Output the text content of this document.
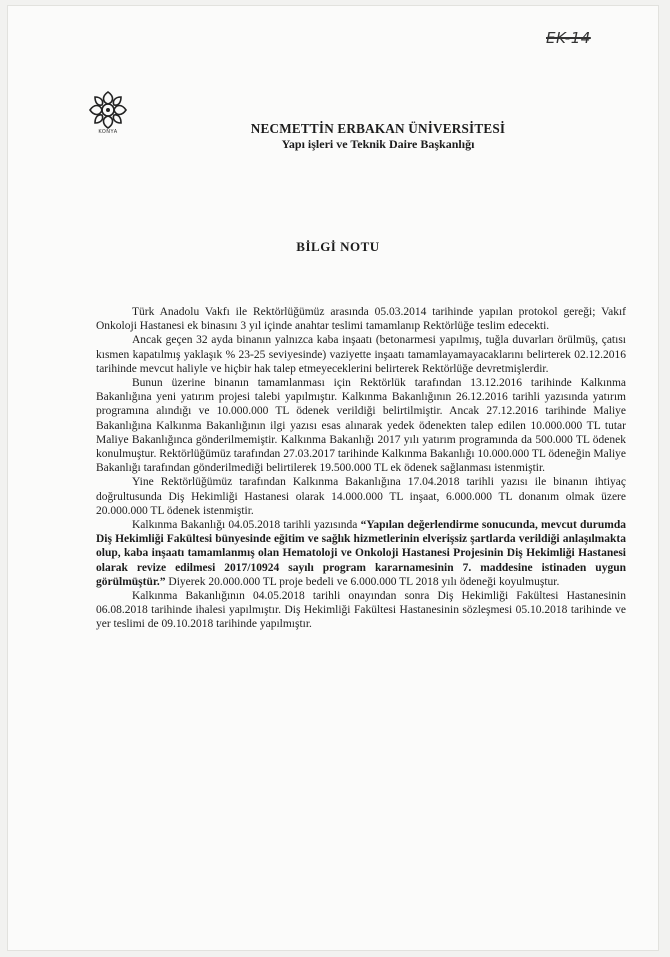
EK-14
KONYA	NECMETTİN ERBAKAN ÜNİVERSİTESİ
Yapı işleri ve Teknik Daire Başkanlığı
BİLGİ NOTU

Türk Anadolu Vakfı ile Rektörlüğümüz arasında 05.03.2014 tarihinde yapılan protokol gereği; Vakıf Onkoloji Hastanesi ek binasını 3 yıl içinde anahtar teslimi tamamlanıp Rektörlüğe teslim edecekti.

Ancak geçen 32 ayda binanın yalnızca kaba inşaatı (betonarmesi yapılmış, tuğla duvarları örülmüş, çatısı kısmen kapatılmış yaklaşık % 23-25 seviyesinde) vaziyette inşaatı tamamlayamayacaklarını belirterek 02.12.2016 tarihinde mevcut haliyle ve hiçbir hak talep etmeyeceklerini belirterek Rektörlüğe devretmişlerdir.

Bunun üzerine binanın tamamlanması için Rektörlük tarafından 13.12.2016 tarihinde Kalkınma Bakanlığına yeni yatırım projesi talebi yapılmıştır. Kalkınma Bakanlığının 26.12.2016 tarihli yazısında yatırım programına alındığı ve 10.000.000 TL ödenek verildiği belirtilmiştir. Ancak 27.12.2016 tarihinde Maliye Bakanlığına Kalkınma Bakanlığının ilgi yazısı esas alınarak yedek ödenekten talep edilen 10.000.000 TL tutar Maliye Bakanlığınca gönderilmemiştir. Kalkınma Bakanlığı 2017 yılı yatırım programında da 500.000 TL ödenek konulmuştur. Rektörlüğümüz tarafından 27.03.2017 tarihinde Kalkınma Bakanlığı 10.000.000 TL ödeneğin Maliye Bakanlığı tarafından gönderilmediği belirtilerek 19.500.000 TL ek ödenek sağlanması istenmiştir.

Yine Rektörlüğümüz tarafından Kalkınma Bakanlığına 17.04.2018 tarihli yazısı ile binanın ihtiyaç doğrultusunda Diş Hekimliği Hastanesi olarak 14.000.000 TL inşaat, 6.000.000 TL donanım olmak üzere 20.000.000 TL ödenek istenmiştir.

Kalkınma Bakanlığı 04.05.2018 tarihli yazısında “Yapılan değerlendirme sonucunda, mevcut durumda Diş Hekimliği Fakültesi bünyesinde eğitim ve sağlık hizmetlerinin elverişsiz şartlarda verildiği anlaşılmakta olup, kaba inşaatı tamamlanmış olan Hematoloji ve Onkoloji Hastanesi Projesinin Diş Hekimliği Hastanesi olarak revize edilmesi 2017/10924 sayılı program kararnamesinin 7. maddesine istinaden uygun görülmüştür.” Diyerek 20.000.000 TL proje bedeli ve 6.000.000 TL 2018 yılı ödeneği koyulmuştur.

Kalkınma Bakanlığının 04.05.2018 tarihli onayından sonra Diş Hekimliği Fakültesi Hastanesinin 06.08.2018 tarihinde ihalesi yapılmıştır. Diş Hekimliği Fakültesi Hastanesinin sözleşmesi 05.10.2018 tarihinde ve yer teslimi de 09.10.2018 tarihinde yapılmıştır.
